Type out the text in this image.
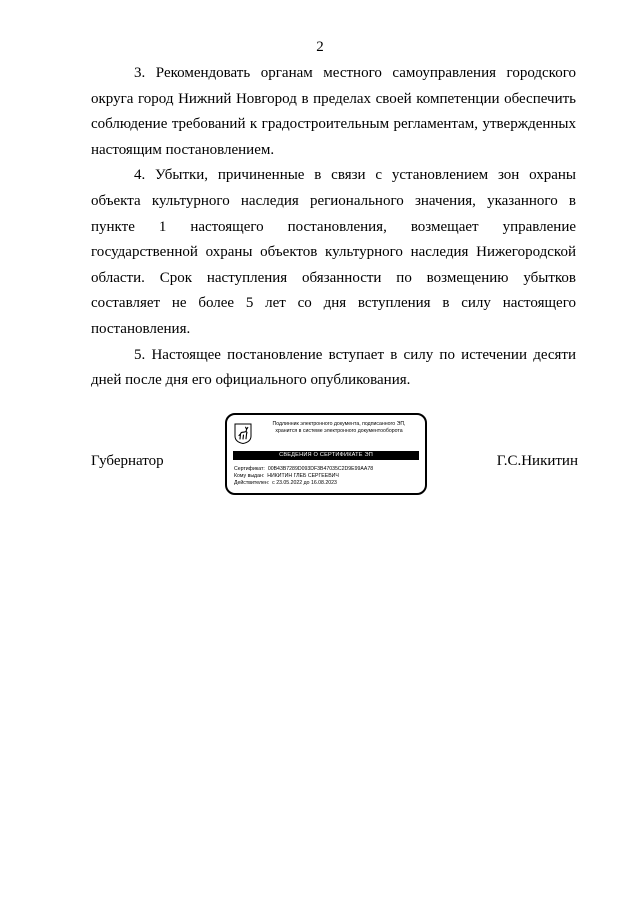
2

3. Рекомендовать органам местного самоуправления городского округа город Нижний Новгород в пределах своей компетенции обеспечить соблюдение требований к градостроительным регламентам, утвержденных настоящим постановлением.

4. Убытки, причиненные в связи с установлением зон охраны объекта культурного наследия регионального значения, указанного в пункте 1 настоящего постановления, возмещает управление государственной охраны объектов культурного наследия Нижегородской области. Срок наступления обязанности по возмещению убытков составляет не более 5 лет со дня вступления в силу настоящего постановления.

5. Настоящее постановление вступает в силу по истечении десяти дней после дня его официального опубликования.

Губернатор
Подлинник электронного документа, подписанного ЭП,
хранится в системе электронного документооборота
СВЕДЕНИЯ О СЕРТИФИКАТЕ ЭП
Сертификат: 00B43B7289D093DF3B47035C2D9E99AA78
Кому выдан: НИКИТИН ГЛЕБ СЕРГЕЕВИЧ
Действителен: с 23.05.2022 до 16.08.2023
Г.С.Никитин
